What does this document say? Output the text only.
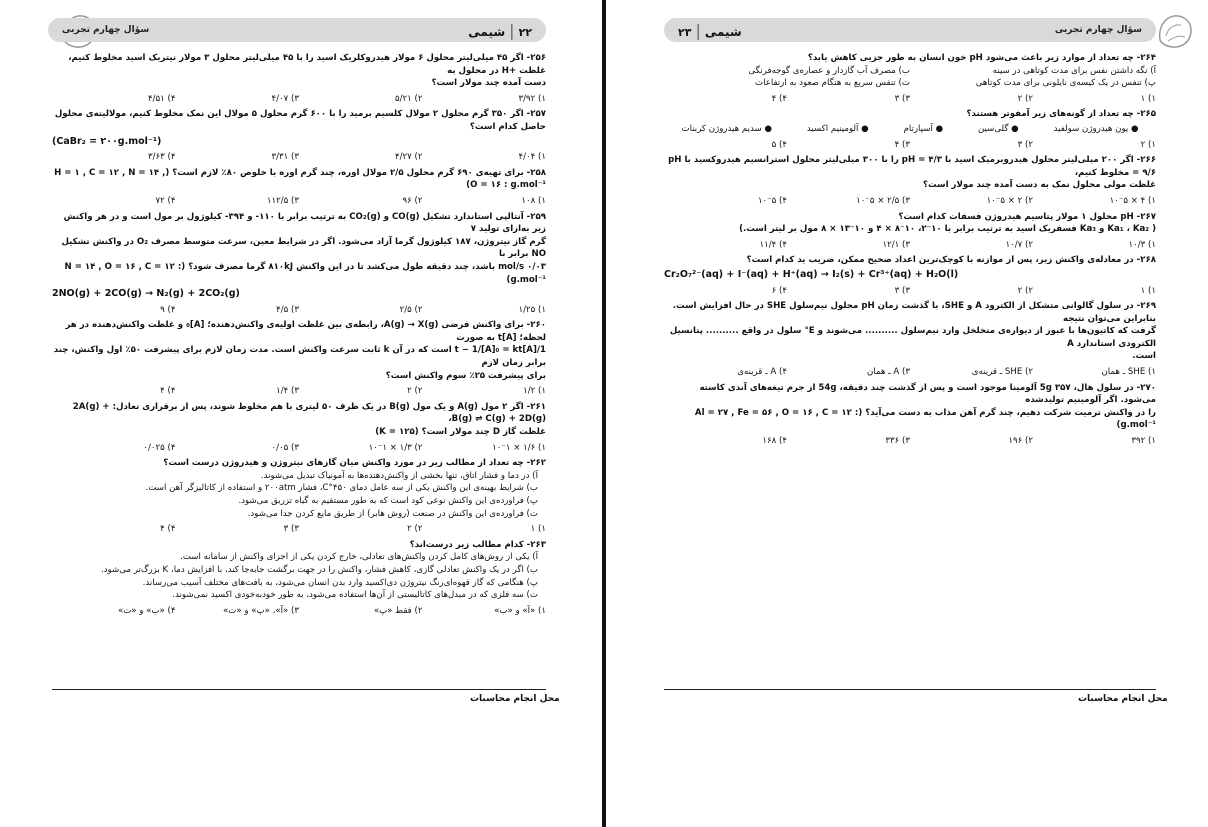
۲۲|شیمی
سؤال چهارم تجربی
۲۵۶- اگر ۴۵ میلی‌لیتر محلول ۶ مولار هیدروکلریک اسید را با ۴۵ میلی‌لیتر محلول ۳ مولار نیتریک اسید مخلوط کنیم، غلظت +H در محلول به
دست آمده چند مولار است؟
۱) ۳/۹۲
۲) ۵/۲۱
۳) ۴/۰۷
۴) ۴/۵۱
۲۵۷- اگر ۳۵۰ گرم محلول ۲ مولال کلسیم برمید را با ۶۰۰ گرم محلول ۵ مولال این نمک مخلوط کنیم، مولالیته‌ی محلول حاصل کدام است؟
(CaBr₂ = ۲۰۰g.mol⁻¹)
۱) ۴/۰۴
۲) ۴/۲۷
۳) ۳/۳۱
۴) ۳/۶۳
۲۵۸- برای تهیه‌ی ۶۹۰ گرم محلول ۲/۵ مولال اوره، چند گرم اوره با خلوص ۸۰٪ لازم است؟ (H = ۱ , C = ۱۲ , N = ۱۴ , O = ۱۶ : g.mol⁻¹)
۱) ۱۰۸
۲) ۹۶
۳) ۱۱۲/۵
۴) ۷۲
۲۵۹- آنتالپی استاندارد تشکیل CO(g) و CO₂(g) به ترتیب برابر با ۱۱۰- و ۳۹۴- کیلوژول بر مول است و در هر واکنش زیر به‌ازای تولید ۷
گرم گاز نیتروژن، ۱۸۷ کیلوژول گرما آزاد می‌شود. اگر در شرایط معین، سرعت متوسط مصرف O₂ در واکنش تشکیل NO برابر با
۰/۰۳ mol/s باشد، چند دقیقه طول می‌کشد تا در این واکنش ۸۱۰kJ گرما مصرف شود؟ (N = ۱۴ , O = ۱۶ , C = ۱۲ : g.mol⁻¹)
2NO(g) + 2CO(g) → N₂(g) + 2CO₂(g)
۱) ۱/۲۵
۲) ۲/۵
۳) ۴/۵
۴) ۹
۲۶۰- برای واکنش فرضی A(g) → X(g)، رابطه‌ی بین غلظت اولیه‌ی واکنش‌دهنده؛ [A]₀ و غلظت واکنش‌دهنده در هر لحظه؛ [A]t به صورت
1/[A]t − 1/[A]₀ = kt است که در آن k ثابت سرعت واکنش است. مدت زمان لازم برای پیشرفت ۵۰٪ اول واکنش، چند برابر زمان لازم
برای پیشرفت ۲۵٪ سوم واکنش است؟
۱) ۱/۲
۲) ۲
۳) ۱/۴
۴) ۴
۲۶۱- اگر ۲ مول A(g) و یک مول B(g) در یک ظرف ۵۰ لیتری با هم مخلوط شوند، پس از برقراری تعادل: 2A(g) + B(g) ⇌ C(g) + 2D(g)،
غلظت گاز D چند مولار است؟ (K = ۱۲۵)
۱) ۱/۶ × ۱۰⁻۱
۲) ۱/۳ × ۱۰⁻۱
۳) ۰/۰۵
۴) ۰/۰۲۵
۲۶۲- چه تعداد از مطالب زیر در مورد واکنش میان گازهای نیتروژن و هیدروژن درست است؟
آ) در دما و فشار اتاق، تنها بخشی از واکنش‌دهنده‌ها به آمونیاک تبدیل می‌شوند.
ب) شرایط بهینه‌ی این واکنش یکی از سه عامل دمای ۴۵۰°C، فشار ۲۰۰atm و استفاده از کاتالیزگر آهن است.
پ) فراورده‌ی این واکنش نوعی کود است که به طور مستقیم به گیاه تزریق می‌شود.
ت) فراورده‌ی این واکنش در صنعت (روش هابر) از طریق مایع کردن جدا می‌شود.
۱) ۱
۲) ۲
۳) ۳
۴) ۴
۲۶۳- کدام مطالب زیر درست‌اند؟
آ) یکی از روش‌های کامل کردن واکنش‌های تعادلی، خارج کردن یکی از اجزای واکنش از سامانه است.
ب) اگر در یک واکنش تعادلی گازی، کاهش فشار، واکنش را در جهت برگشت جابه‌جا کند، با افزایش دما، K بزرگ‌تر می‌شود.
پ) هنگامی که گاز قهوه‌ای‌رنگ نیتروژن دی‌اکسید وارد بدن انسان می‌شود، به بافت‌های مختلف آسیب می‌رساند.
ت) سه فلزی که در مبدل‌های کاتالیستی از آن‌ها استفاده می‌شود، به طور خودبه‌خودی اکسید نمی‌شوند.
۱) «آ» و «ب»
۲) فقط «پ»
۳) «آ»، «پ» و «ت»
۴) «ب» و «ت»
محل انجام محاسبات
سؤال چهارم تجربی
شیمی|۲۳
۲۶۴- چه تعداد از موارد زیر باعث می‌شود pH خون انسان به طور جزیی کاهش یابد؟
آ) نگه داشتن نفس برای مدت کوتاهی در سینه
ب) مصرف آب گازدار و عصاره‌ی گوجه‌فرنگی
پ) تنفس در یک کیسه‌ی نایلونی برای مدت کوتاهی
ت) تنفس سریع به هنگام صعود به ارتفاعات
۱) ۱
۲) ۲
۳) ۳
۴) ۴
۲۶۵- چه تعداد از گونه‌های زیر آمفوتر هستند؟
● یون هیدروژن سولفید
● گلی‌سین
● آسپارتام
● آلومینیم اکسید
● سدیم هیدروژن کربنات
۱) ۲
۲) ۳
۳) ۴
۴) ۵
۲۶۶- اگر ۲۰۰ میلی‌لیتر محلول هیدروبرمیک اسید با pH = ۴/۳ را با ۳۰۰ میلی‌لیتر محلول استرانسیم هیدروکسید با pH = ۹/۶ مخلوط کنیم،
غلظت مولی محلول نمک به دست آمده چند مولار است؟
۱) ۴ × ۱۰⁻۵
۲) ۲ × ۱۰⁻۵
۳) ۲/۵ × ۱۰⁻۵
۴) ۱۰⁻۵
۲۶۷- pH محلول ۱ مولار پتاسیم هیدروژن فسفات کدام است؟
( Ka₁ ، Ka₂ و Ka₃ فسفریک اسید به ترتیب برابر با ۱۰⁻۲، ۱۰⁻۸ × ۴ و ۱۰⁻۱۳ × ۸ مول بر لیتر است.)
۱) ۱۰/۳
۲) ۱۰/۷
۳) ۱۲/۱
۴) ۱۱/۴
۲۶۸- در معادله‌ی واکنش زیر، پس از موازنه با کوچک‌ترین اعداد صحیح ممکن، ضریب ید کدام است؟
Cr₂O₇²⁻(aq) + I⁻(aq) + H⁺(aq) → I₂(s) + Cr³⁺(aq) + H₂O(l)
۱) ۱
۲) ۲
۳) ۳
۴) ۶
۲۶۹- در سلول گالوانی متشکل از الکترود A و SHE، با گذشت زمان pH محلول نیم‌سلول SHE در حال افزایش است. بنابراین می‌توان نتیجه
گرفت که کاتیون‌ها با عبور از دیواره‌ی متخلخل وارد نیم‌سلول .......... می‌شوند و E° سلول در واقع .......... پتانسیل الکترودی استاندارد A
است.
۱) SHE ـ همان
۲) SHE ـ قرینه‌ی
۳) A ـ همان
۴) A ـ قرینه‌ی
۲۷۰- در سلول هال، 5g ۳۵۷ آلومینا موجود است و پس از گذشت چند دقیقه، 54g از جرم تیغه‌های آندی کاسته می‌شود. اگر آلومینیم تولیدشده
را در واکنش ترمیت شرکت دهیم، چند گرم آهن مذاب به دست می‌آید؟ (Al = ۲۷ , Fe = ۵۶ , O = ۱۶ , C = ۱۲ : g.mol⁻¹)
۱) ۳۹۲
۲) ۱۹۶
۳) ۳۳۶
۴) ۱۶۸
محل انجام محاسبات
